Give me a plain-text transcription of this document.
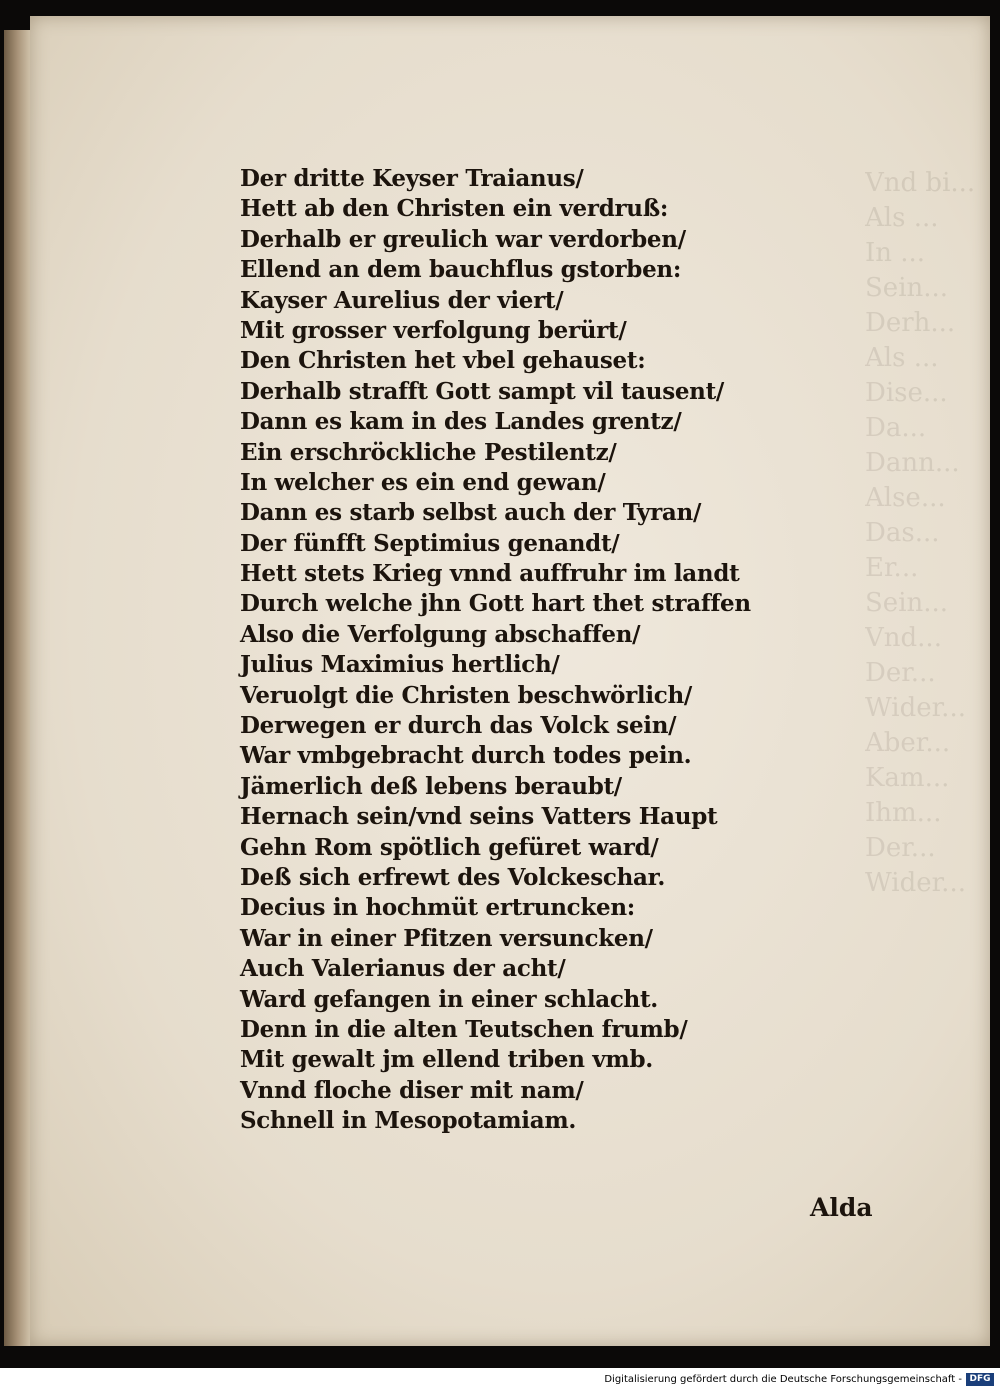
Vnd bi...
Als ...
In ...
Sein...
Derh...
Als ...
Dise...
Da...
Dann...
Alse...
Das...
Er...
Sein...
Vnd...
Der...
Wider...
Aber...
Kam...
Ihm...
Der...
Wider...
Der dritte Keyser Traianus/
Hett ab den Christen ein verdruß:
Derhalb er greulich war verdorben/
Ellend an dem bauchflus gstorben:
Kayser Aurelius der viert/
Mit grosser verfolgung berürt/
Den Christen het vbel gehauset:
Derhalb strafft Gott sampt vil tausent/
Dann es kam in des Landes grentz/
Ein erschröckliche Pestilentz/
In welcher es ein end gewan/
Dann es starb selbst auch der Tyran/
Der fünfft Septimius genandt/
Hett stets Krieg vnnd auffruhr im landt
Durch welche jhn Gott hart thet straffen
Also die Verfolgung abschaffen/
Julius Maximius hertlich/
Veruolgt die Christen beschwörlich/
Derwegen er durch das Volck sein/
War vmbgebracht durch todes pein.
Jämerlich deß lebens beraubt/
Hernach sein/vnd seins Vatters Haupt
Gehn Rom spötlich gefüret ward/
Deß sich erfrewt des Volckeschar.
Decius in hochmüt ertruncken:
War in einer Pfitzen versuncken/
Auch Valerianus der acht/
Ward gefangen in einer schlacht.
Denn in die alten Teutschen frumb/
Mit gewalt jm ellend triben vmb.
Vnnd floche diser mit nam/
Schnell in Mesopotamiam.
Alda
Digitalisierung gefördert durch die Deutsche Forschungsgemeinschaft - DFG
